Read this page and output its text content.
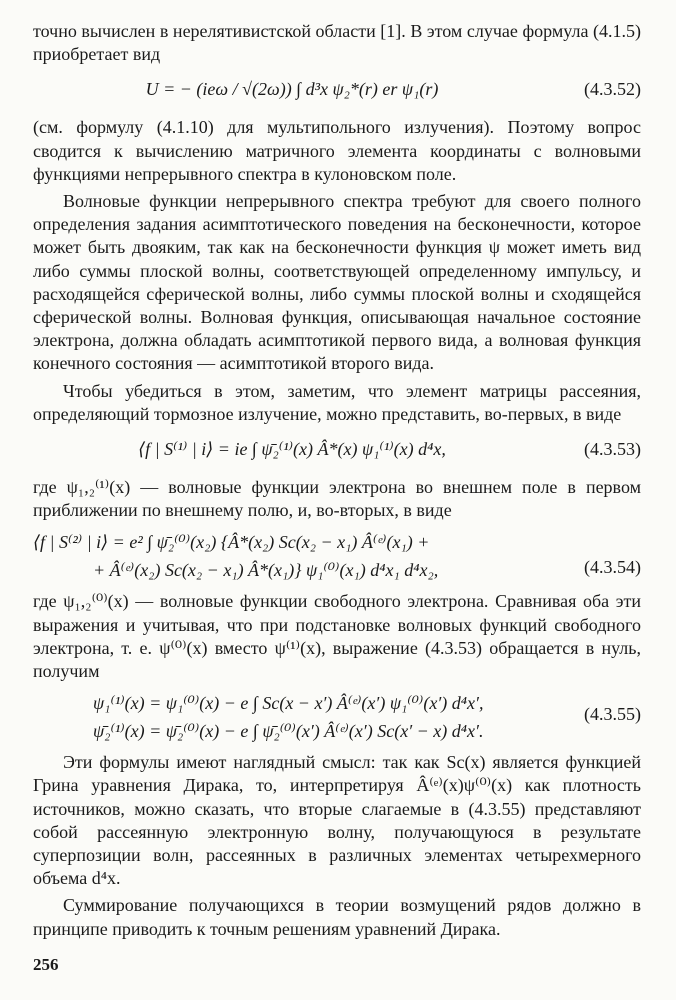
точно вычислен в нерелятивистской области [1]. В этом случае формула (4.1.5) приобретает вид

U = − (ieω / √(2ω)) ∫ d³x ψ₂*(r) er ψ₁(r)	(4.3.52)

(см. формулу (4.1.10) для мультипольного излучения). Поэтому вопрос сводится к вычислению матричного элемента координаты с волновыми функциями непрерывного спектра в кулоновском поле.

Волновые функции непрерывного спектра требуют для своего полного определения задания асимптотического поведения на бесконечности, которое может быть двояким, так как на бесконечности функция ψ может иметь вид либо суммы плоской волны, соответствующей определенному импульсу, и расходящейся сферической волны, либо суммы плоской волны и сходящейся сферической волны. Волновая функция, описывающая начальное состояние электрона, должна обладать асимптотикой первого вида, а волновая функция конечного состояния — асимптотикой второго вида.

Чтобы убедиться в этом, заметим, что элемент матрицы рассеяния, определяющий тормозное излучение, можно представить, во-первых, в виде

⟨f | S⁽¹⁾ | i⟩ = ie ∫ ψ̄₂⁽¹⁾(x) Â*(x) ψ₁⁽¹⁾(x) d⁴x,	(4.3.53)

где ψ₁,₂⁽¹⁾(x) — волновые функции электрона во внешнем поле в первом приближении по внешнему полю, и, во-вторых, в виде

⟨f | S⁽²⁾ | i⟩ = e² ∫ ψ̄₂⁽⁰⁾(x₂) {Â*(x₂) Sc(x₂ − x₁) Â⁽ᵉ⁾(x₁) +
+ Â⁽ᵉ⁾(x₂) Sc(x₂ − x₁) Â*(x₁)} ψ₁⁽⁰⁾(x₁) d⁴x₁ d⁴x₂,	(4.3.54)

где ψ₁,₂⁽⁰⁾(x) — волновые функции свободного электрона. Сравнивая оба эти выражения и учитывая, что при подстановке волновых функций свободного электрона, т. е. ψ⁽⁰⁾(x) вместо ψ⁽¹⁾(x), выражение (4.3.53) обращается в нуль, получим

ψ₁⁽¹⁾(x) = ψ₁⁽⁰⁾(x) − e ∫ Sc(x − x′) Â⁽ᵉ⁾(x′) ψ₁⁽⁰⁾(x′) d⁴x′,
ψ̄₂⁽¹⁾(x) = ψ̄₂⁽⁰⁾(x) − e ∫ ψ̄₂⁽⁰⁾(x′) Â⁽ᵉ⁾(x′) Sc(x′ − x) d⁴x′.
(4.3.55)

Эти формулы имеют наглядный смысл: так как Sc(x) является функцией Грина уравнения Дирака, то, интерпретируя Â⁽ᵉ⁾(x)ψ⁽⁰⁾(x) как плотность источников, можно сказать, что вторые слагаемые в (4.3.55) представляют собой рассеянную электронную волну, получающуюся в результате суперпозиции волн, рассеянных в различных элементах четырехмерного объема d⁴x.

Суммирование получающихся в теории возмущений рядов должно в принципе приводить к точным решениям уравнений Дирака.

256
